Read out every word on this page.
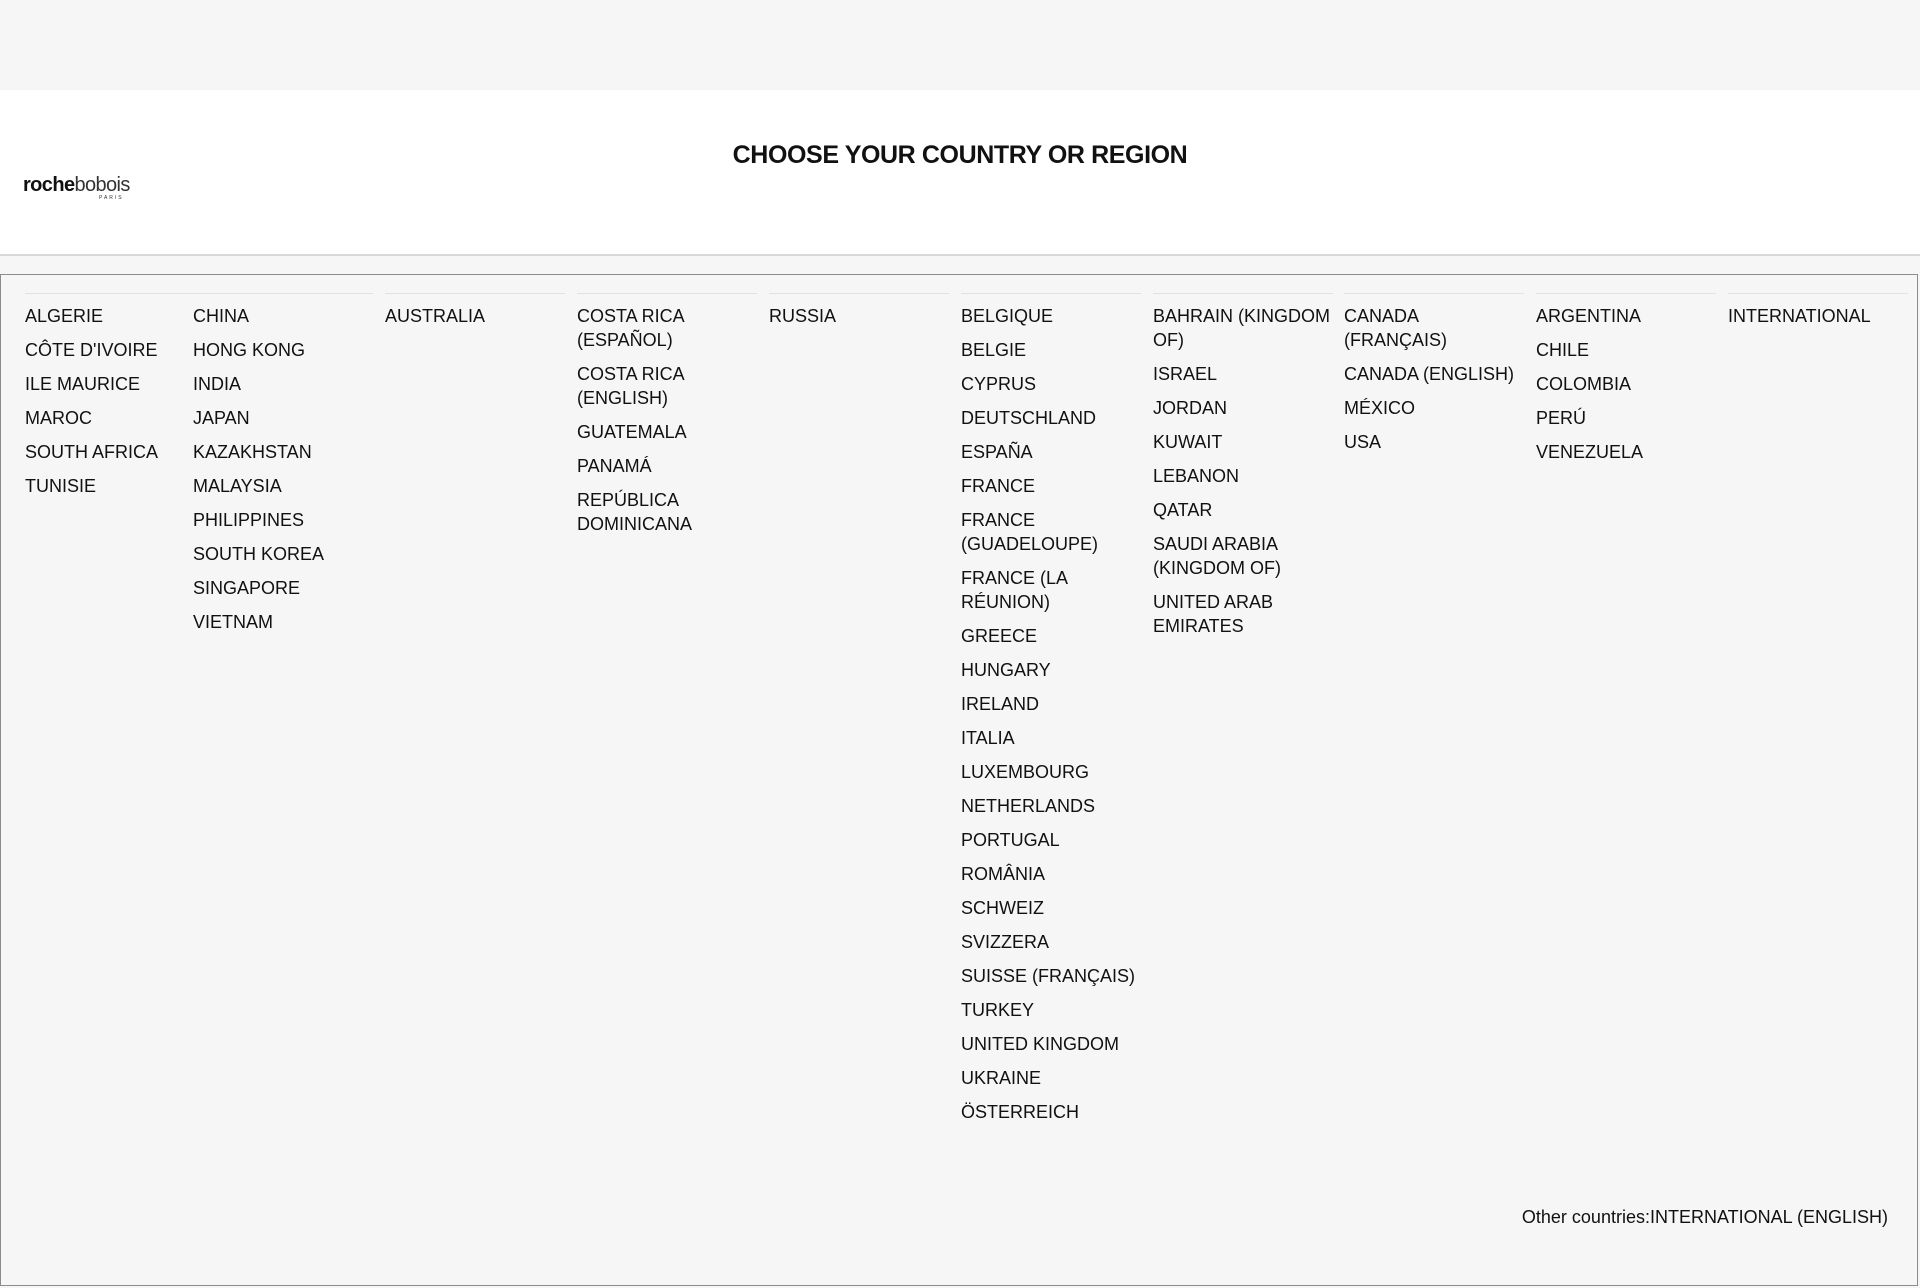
rochebobois
PARIS
CHOOSE YOUR COUNTRY OR REGION
ALGERIE
CÔTE D'IVOIRE
ILE MAURICE
MAROC
SOUTH AFRICA
TUNISIE
CHINA
HONG KONG
INDIA
JAPAN
KAZAKHSTAN
MALAYSIA
PHILIPPINES
SOUTH KOREA
SINGAPORE
VIETNAM
AUSTRALIA	COSTA RICA (ESPAÑOL)
COSTA RICA (ENGLISH)
GUATEMALA
PANAMÁ
REPÚBLICA DOMINICANA
RUSSIA	BELGIQUE
BELGIE
CYPRUS
DEUTSCHLAND
ESPAÑA
FRANCE
FRANCE (GUADELOUPE)
FRANCE (LA RÉUNION)
GREECE
HUNGARY
IRELAND
ITALIA
LUXEMBOURG
NETHERLANDS
PORTUGAL
ROMÂNIA
SCHWEIZ
SVIZZERA
SUISSE (FRANÇAIS)
TURKEY
UNITED KINGDOM
UKRAINE
ÖSTERREICH
BAHRAIN (KINGDOM OF)
ISRAEL
JORDAN
KUWAIT
LEBANON
QATAR
SAUDI ARABIA (KINGDOM OF)
UNITED ARAB EMIRATES
CANADA (FRANÇAIS)
CANADA (ENGLISH)
MÉXICO
USA
ARGENTINA
CHILE
COLOMBIA
PERÚ
VENEZUELA
INTERNATIONAL
Other countries:INTERNATIONAL (ENGLISH)
